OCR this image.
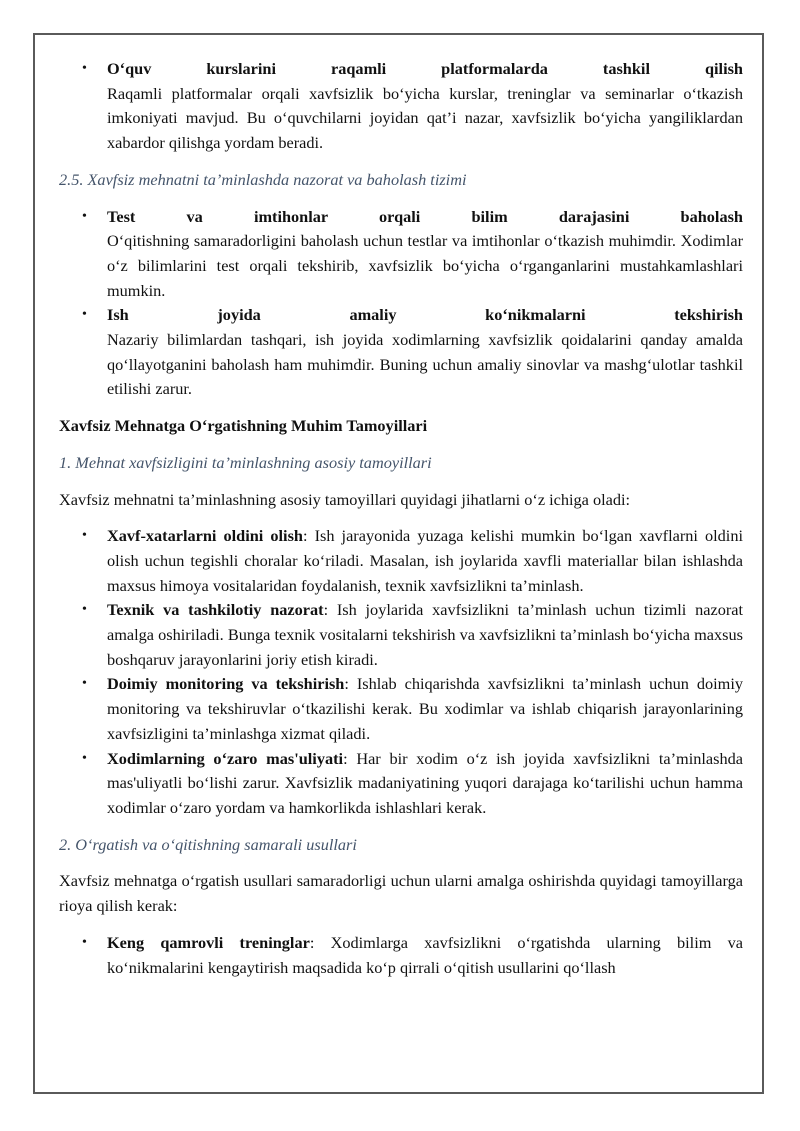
• O‘quv kurslarini raqamli platformalarda tashkil qilish
Raqamli platformalar orqali xavfsizlik bo‘yicha kurslar, treninglar va seminarlar o‘tkazish imkoniyati mavjud. Bu o‘quvchilarni joyidan qat’i nazar, xavfsizlik bo‘yicha yangiliklardan xabardor qilishga yordam beradi.

2.5. Xavfsiz mehnatni ta’minlashda nazorat va baholash tizimi

• Test va imtihonlar orqali bilim darajasini baholash
O‘qitishning samaradorligini baholash uchun testlar va imtihonlar o‘tkazish muhimdir. Xodimlar o‘z bilimlarini test orqali tekshirib, xavfsizlik bo‘yicha o‘rganganlarini mustahkamlashlari mumkin.
• Ish joyida amaliy ko‘nikmalarni tekshirish
Nazariy bilimlardan tashqari, ish joyida xodimlarning xavfsizlik qoidalarini qanday amalda qo‘llayotganini baholash ham muhimdir. Buning uchun amaliy sinovlar va mashg‘ulotlar tashkil etilishi zarur.

Xavfsiz Mehnatga O‘rgatishning Muhim Tamoyillari

1. Mehnat xavfsizligini ta’minlashning asosiy tamoyillari

Xavfsiz mehnatni ta’minlashning asosiy tamoyillari quyidagi jihatlarni o‘z ichiga oladi:

• Xavf-xatarlarni oldini olish: Ish jarayonida yuzaga kelishi mumkin bo‘lgan xavflarni oldini olish uchun tegishli choralar ko‘riladi. Masalan, ish joylarida xavfli materiallar bilan ishlashda maxsus himoya vositalaridan foydalanish, texnik xavfsizlikni ta’minlash.
• Texnik va tashkilotiy nazorat: Ish joylarida xavfsizlikni ta’minlash uchun tizimli nazorat amalga oshiriladi. Bunga texnik vositalarni tekshirish va xavfsizlikni ta’minlash bo‘yicha maxsus boshqaruv jarayonlarini joriy etish kiradi.
• Doimiy monitoring va tekshirish: Ishlab chiqarishda xavfsizlikni ta’minlash uchun doimiy monitoring va tekshiruvlar o‘tkazilishi kerak. Bu xodimlar va ishlab chiqarish jarayonlarining xavfsizligini ta’minlashga xizmat qiladi.
• Xodimlarning o‘zaro mas'uliyati: Har bir xodim o‘z ish joyida xavfsizlikni ta’minlashda mas'uliyatli bo‘lishi zarur. Xavfsizlik madaniyatining yuqori darajaga ko‘tarilishi uchun hamma xodimlar o‘zaro yordam va hamkorlikda ishlashlari kerak.

2. O‘rgatish va o‘qitishning samarali usullari

Xavfsiz mehnatga o‘rgatish usullari samaradorligi uchun ularni amalga oshirishda quyidagi tamoyillarga rioya qilish kerak:

• Keng qamrovli treninglar: Xodimlarga xavfsizlikni o‘rgatishda ularning bilim va ko‘nikmalarini kengaytirish maqsadida ko‘p qirrali o‘qitish usullarini qo‘llash
